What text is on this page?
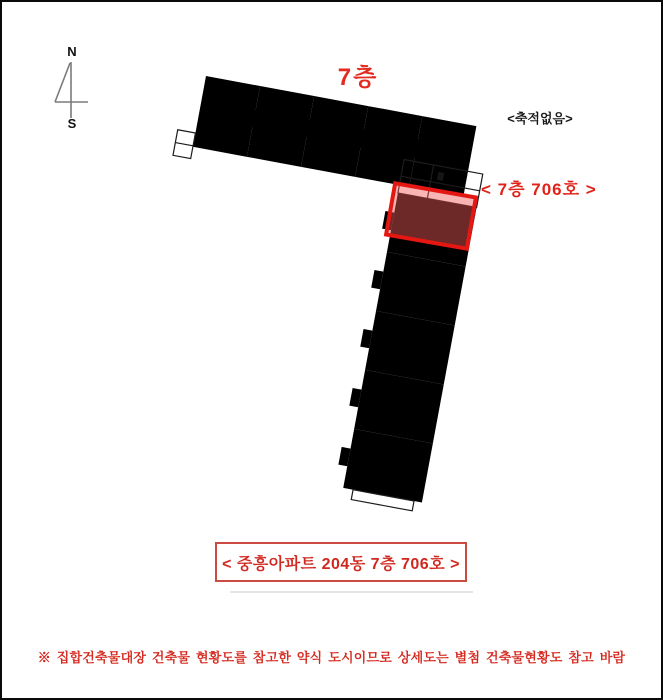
N
S
7층
<축적없음>
< 7층 706호 >
< 중흥아파트 204동 7층 706호 >
※ 집합건축물대장 건축물 현황도를 참고한 약식 도시이므로 상세도는 별첨 건축물현황도 참고 바람
